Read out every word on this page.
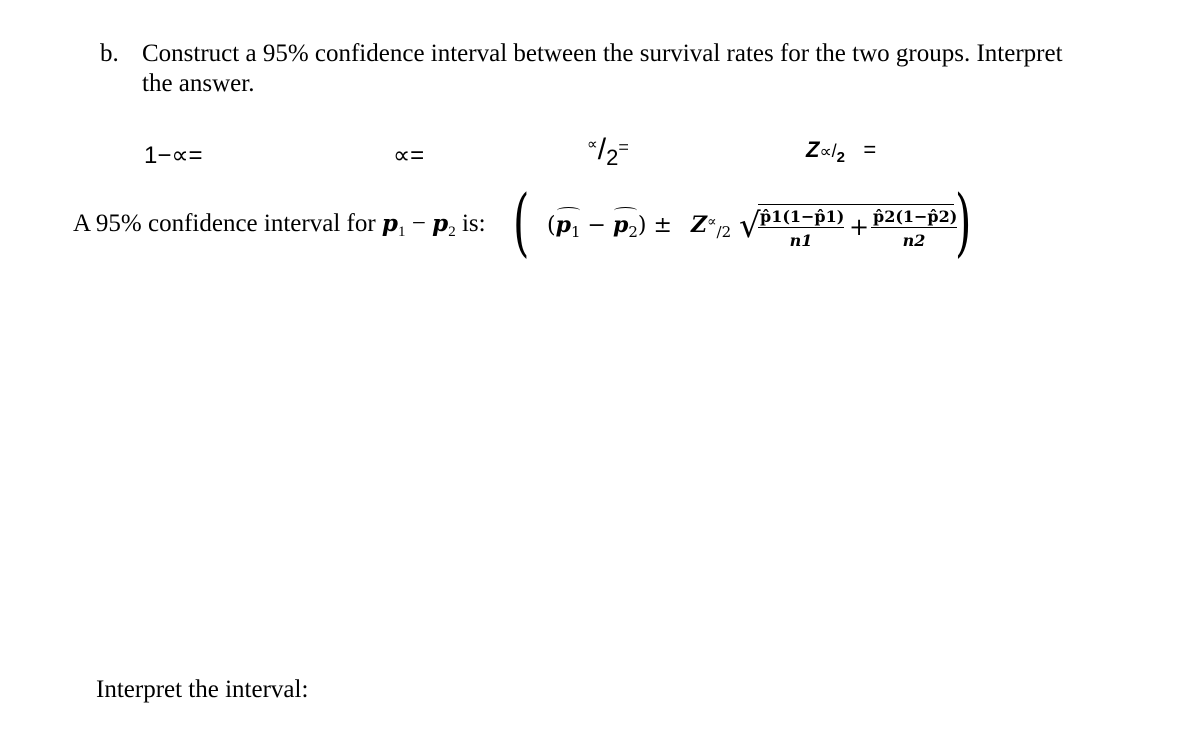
b. Construct a 95% confidence interval between the survival rates for the two groups. Interpret
the answer.
1−∝=	∝=	∝/2=	Z∝/2 =
A 95% confidence interval for $p_1 - p_2$ is: ( $(p_1 - p_2) \pm Z^\propto_{/2}$ √
$\frac{p̂1(1-p̂1)}{n1} + \frac{p̂2(1-p̂2)}{n2}$
)
Interpret the interval:
